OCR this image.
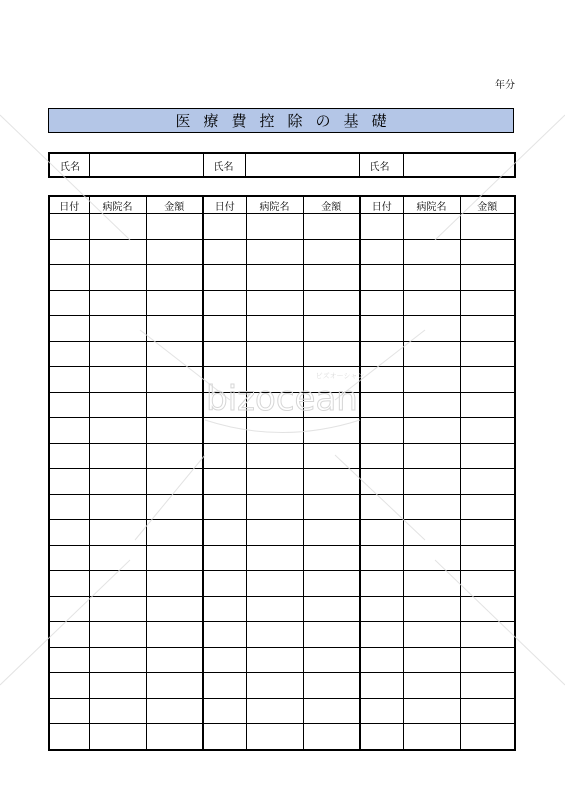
年分
医療費控除の基礎
氏名		氏名		氏名	
日付	病院名	金額	日付	病院名	金額	日付	病院名	金額

bizocean
ビズオーシャン
